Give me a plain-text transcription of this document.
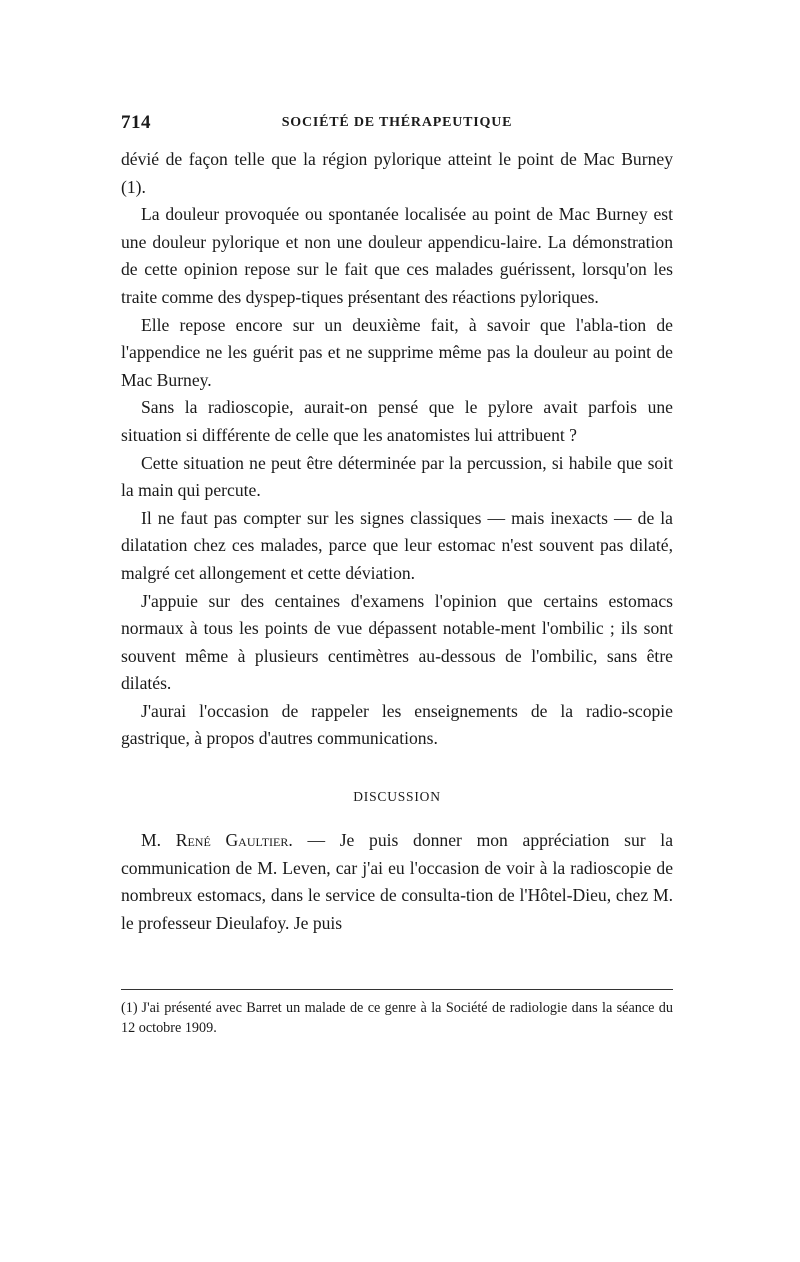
714	SOCIÉTÉ DE THÉRAPEUTIQUE

dévié de façon telle que la région pylorique atteint le point de Mac Burney (1).

La douleur provoquée ou spontanée localisée au point de Mac Burney est une douleur pylorique et non une douleur appendicu-laire. La démonstration de cette opinion repose sur le fait que ces malades guérissent, lorsqu'on les traite comme des dyspep-tiques présentant des réactions pyloriques.

Elle repose encore sur un deuxième fait, à savoir que l'abla-tion de l'appendice ne les guérit pas et ne supprime même pas la douleur au point de Mac Burney.

Sans la radioscopie, aurait-on pensé que le pylore avait parfois une situation si différente de celle que les anatomistes lui attribuent ?

Cette situation ne peut être déterminée par la percussion, si habile que soit la main qui percute.

Il ne faut pas compter sur les signes classiques — mais inexacts — de la dilatation chez ces malades, parce que leur estomac n'est souvent pas dilaté, malgré cet allongement et cette déviation.

J'appuie sur des centaines d'examens l'opinion que certains estomacs normaux à tous les points de vue dépassent notable-ment l'ombilic ; ils sont souvent même à plusieurs centimètres au-dessous de l'ombilic, sans être dilatés.

J'aurai l'occasion de rappeler les enseignements de la radio-scopie gastrique, à propos d'autres communications.

DISCUSSION

M. René Gaultier. — Je puis donner mon appréciation sur la communication de M. Leven, car j'ai eu l'occasion de voir à la radioscopie de nombreux estomacs, dans le service de consulta-tion de l'Hôtel-Dieu, chez M. le professeur Dieulafoy. Je puis

(1) J'ai présenté avec Barret un malade de ce genre à la Société de radiologie dans la séance du 12 octobre 1909.
